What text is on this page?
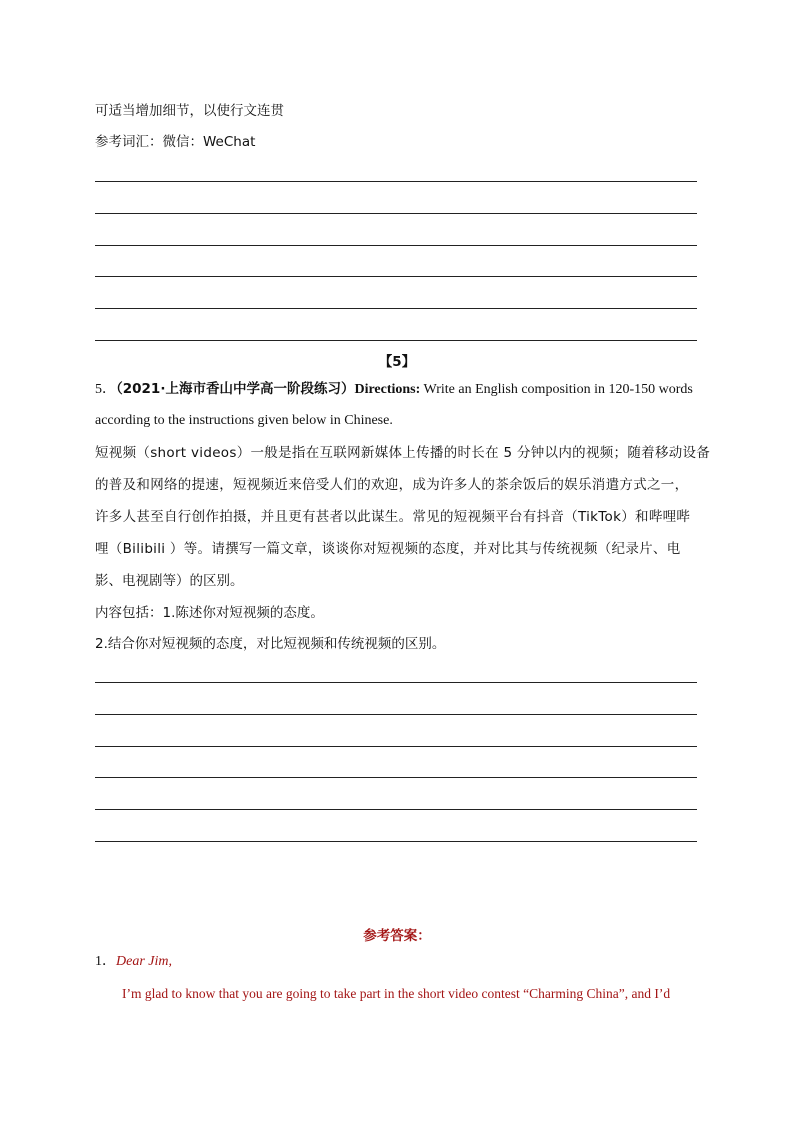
可适当增加细节，以使行文连贯
参考词汇：微信：WeChat
【5】
5．（2021·上海市香山中学高一阶段练习）Directions: Write an English composition in 120-150 words
according to the instructions given below in Chinese.
短视频（short videos）一般是指在互联网新媒体上传播的时长在 5 分钟以内的视频；随着移动设备
的普及和网络的提速，短视频近来倍受人们的欢迎，成为许多人的茶余饭后的娱乐消遣方式之一，
许多人甚至自行创作拍摄，并且更有甚者以此谋生。常见的短视频平台有抖音（TikTok）和哔哩哔
哩（Bilibili ）等。请撰写一篇文章，谈谈你对短视频的态度，并对比其与传统视频（纪录片、电
影、电视剧等）的区别。
内容包括：1.陈述你对短视频的态度。
2.结合你对短视频的态度，对比短视频和传统视频的区别。
参考答案：
1．Dear Jim,
I’m glad to know that you are going to take part in the short video contest “Charming China”, and I’d
